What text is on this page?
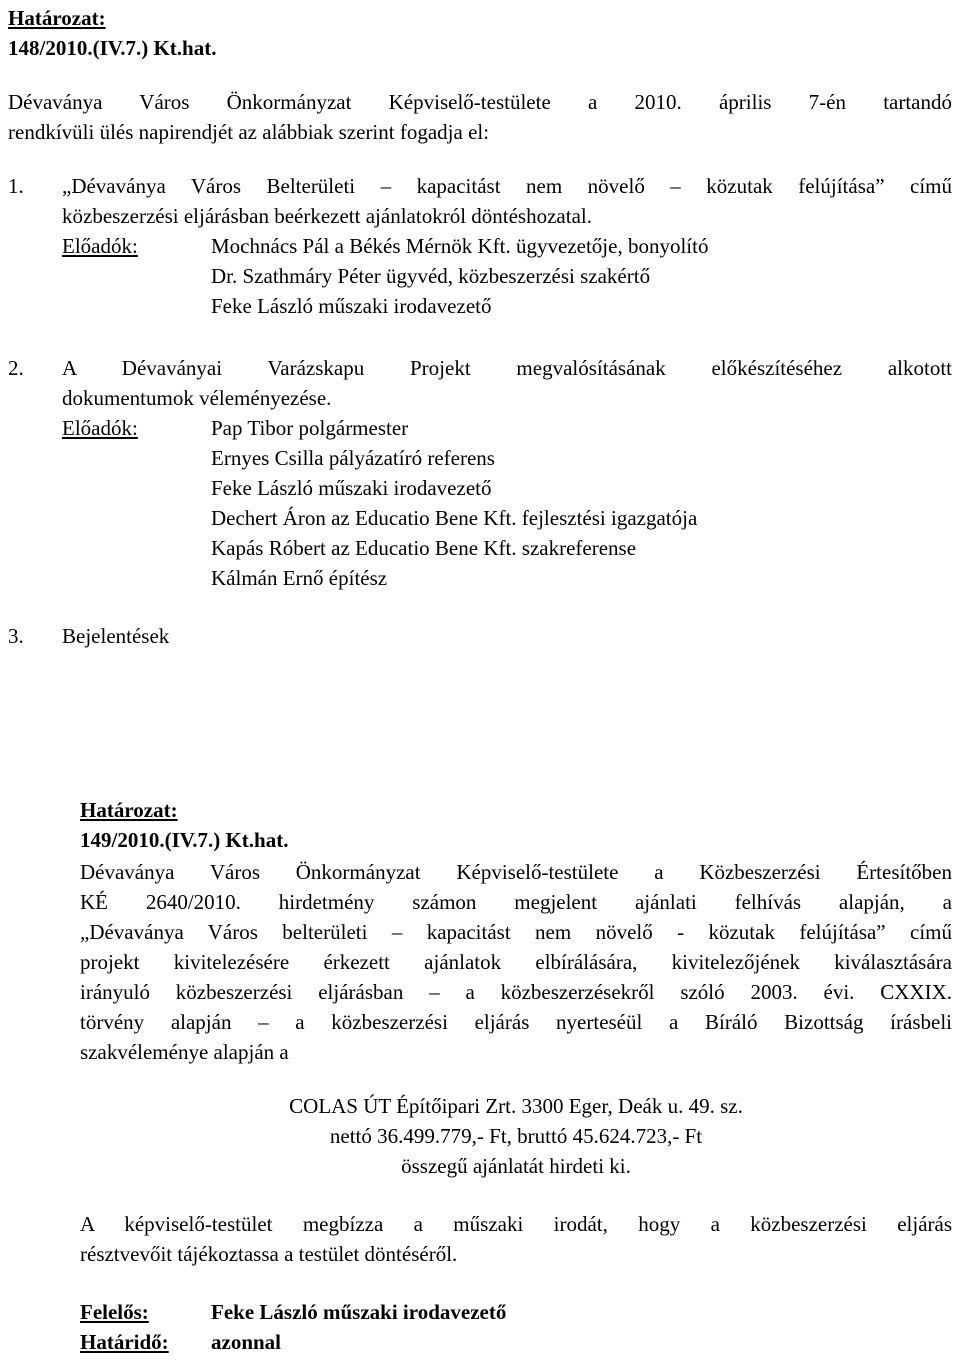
Határozat:
148/2010.(IV.7.) Kt.hat.
Dévaványa Város Önkormányzat Képviselő-testülete a 2010. április 7-én tartandó
rendkívüli ülés napirendjét az alábbiak szerint fogadja el:
1. „Dévaványa Város Belterületi – kapacitást nem növelő – közutak felújítása” című
közbeszerzési eljárásban beérkezett ajánlatokról döntéshozatal.
Előadók:	Mochnács Pál a Békés Mérnök Kft. ügyvezetője, bonyolító
Dr. Szathmáry Péter ügyvéd, közbeszerzési szakértő
Feke László műszaki irodavezető
2. A Dévaványai Varázskapu Projekt megvalósításának előkészítéséhez alkotott
dokumentumok véleményezése.
Előadók:	Pap Tibor polgármester
Ernyes Csilla pályázatíró referens
Feke László műszaki irodavezető
Dechert Áron az Educatio Bene Kft. fejlesztési igazgatója
Kapás Róbert az Educatio Bene Kft. szakreferense
Kálmán Ernő építész
3. Bejelentések
Határozat:
149/2010.(IV.7.) Kt.hat.
Dévaványa Város Önkormányzat Képviselő-testülete a Közbeszerzési Értesítőben
KÉ 2640/2010. hirdetmény számon megjelent ajánlati felhívás alapján, a
„Dévaványa Város belterületi – kapacitást nem növelő - közutak felújítása” című
projekt kivitelezésére érkezett ajánlatok elbírálására, kivitelezőjének kiválasztására
irányuló közbeszerzési eljárásban – a közbeszerzésekről szóló 2003. évi. CXXIX.
törvény alapján – a közbeszerzési eljárás nyerteséül a Bíráló Bizottság írásbeli
szakvéleménye alapján a
COLAS ÚT Építőipari Zrt. 3300 Eger, Deák u. 49. sz.
nettó 36.499.779,- Ft, bruttó 45.624.723,- Ft
összegű ajánlatát hirdeti ki.
A képviselő-testület megbízza a műszaki irodát, hogy a közbeszerzési eljárás
résztvevőit tájékoztassa a testület döntéséről.
Felelős:	Feke László műszaki irodavezető
Határidő: azonnal
